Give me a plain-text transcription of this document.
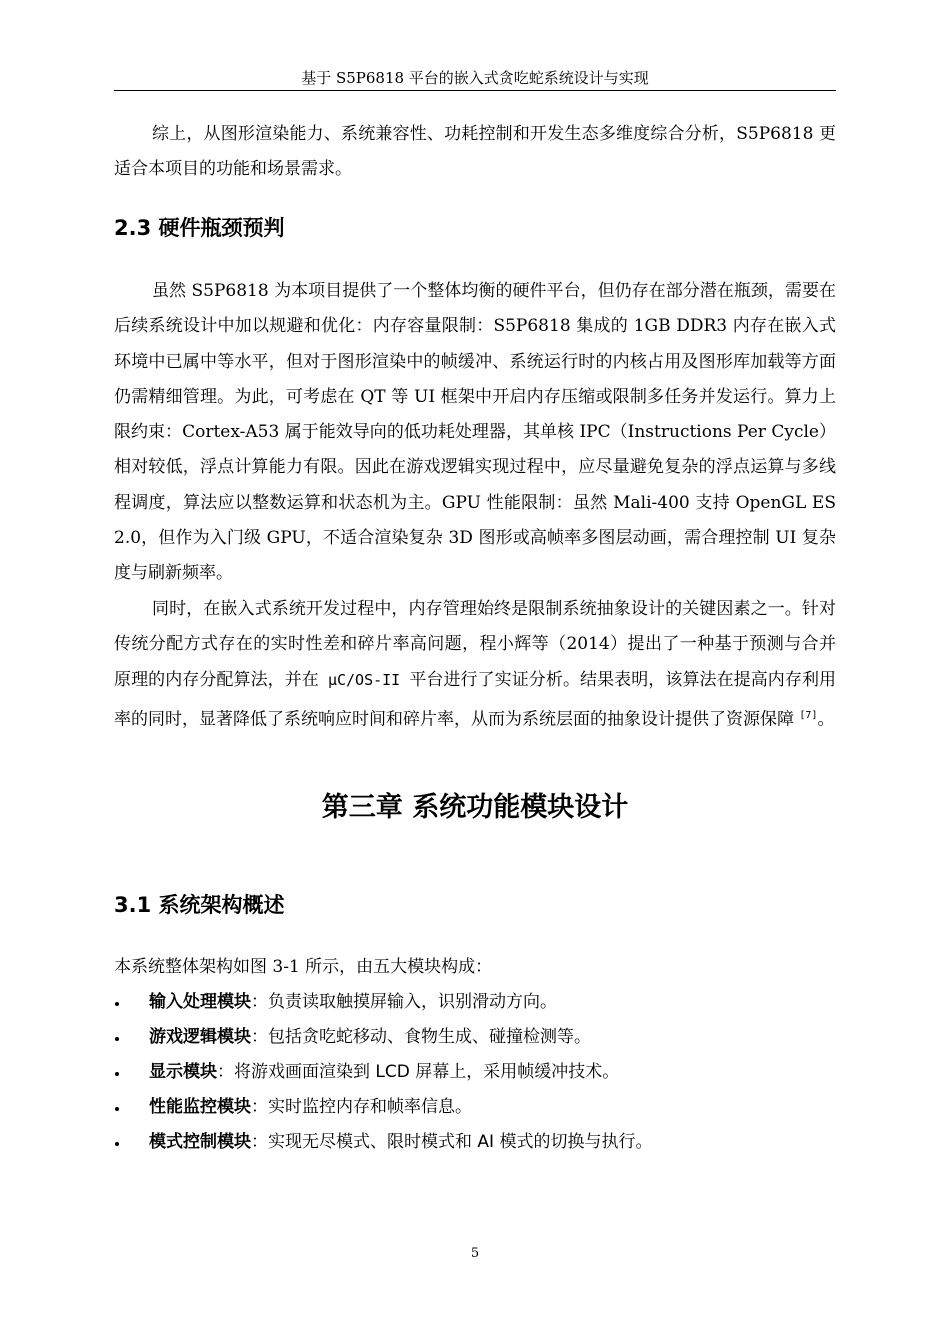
基于 S5P6818 平台的嵌入式贪吃蛇系统设计与实现

综上，从图形渲染能力、系统兼容性、功耗控制和开发生态多维度综合分析，S5P6818 更适合本项目的功能和场景需求。

2.3 硬件瓶颈预判

虽然 S5P6818 为本项目提供了一个整体均衡的硬件平台，但仍存在部分潜在瓶颈，需要在后续系统设计中加以规避和优化：内存容量限制：S5P6818 集成的 1GB DDR3 内存在嵌入式环境中已属中等水平，但对于图形渲染中的帧缓冲、系统运行时的内核占用及图形库加载等方面仍需精细管理。为此，可考虑在 QT 等 UI 框架中开启内存压缩或限制多任务并发运行。算力上限约束：Cortex-A53 属于能效导向的低功耗处理器，其单核 IPC（Instructions Per Cycle）相对较低，浮点计算能力有限。因此在游戏逻辑实现过程中，应尽量避免复杂的浮点运算与多线程调度，算法应以整数运算和状态机为主。GPU 性能限制：虽然 Mali-400 支持 OpenGL ES 2.0，但作为入门级 GPU，不适合渲染复杂 3D 图形或高帧率多图层动画，需合理控制 UI 复杂度与刷新频率。

同时，在嵌入式系统开发过程中，内存管理始终是限制系统抽象设计的关键因素之一。针对传统分配方式存在的实时性差和碎片率高问题，程小辉等（2014）提出了一种基于预测与合并原理的内存分配算法，并在 μC/OS-II 平台进行了实证分析。结果表明，该算法在提高内存利用率的同时，显著降低了系统响应时间和碎片率，从而为系统层面的抽象设计提供了资源保障 [7]。

第三章 系统功能模块设计
3.1 系统架构概述

本系统整体架构如图 3-1 所示，由五大模块构成：

输入处理模块：负责读取触摸屏输入，识别滑动方向。
游戏逻辑模块：包括贪吃蛇移动、食物生成、碰撞检测等。
显示模块：将游戏画面渲染到 LCD 屏幕上，采用帧缓冲技术。
性能监控模块：实时监控内存和帧率信息。
模式控制模块：实现无尽模式、限时模式和 AI 模式的切换与执行。
5
